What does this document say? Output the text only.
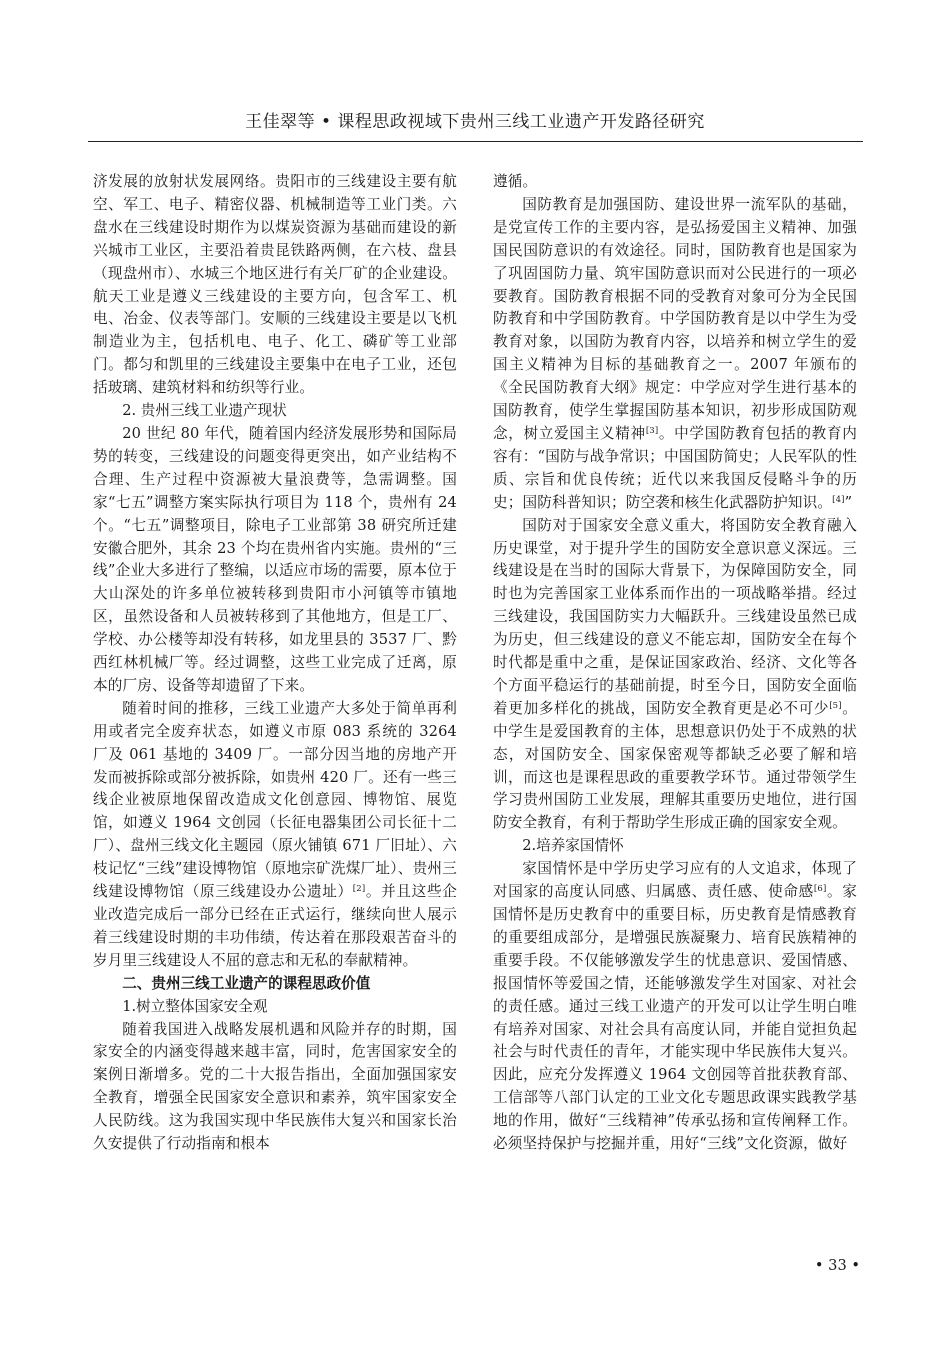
王佳翠等 • 课程思政视域下贵州三线工业遗产开发路径研究

济发展的放射状发展网络。贵阳市的三线建设主要有航空、军工、电子、精密仪器、机械制造等工业门类。六盘水在三线建设时期作为以煤炭资源为基础而建设的新兴城市工业区，主要沿着贵昆铁路两侧，在六枝、盘县（现盘州市）、水城三个地区进行有关厂矿的企业建设。航天工业是遵义三线建设的主要方向，包含军工、机电、冶金、仪表等部门。安顺的三线建设主要是以飞机制造业为主，包括机电、电子、化工、磷矿等工业部门。都匀和凯里的三线建设主要集中在电子工业，还包括玻璃、建筑材料和纺织等行业。

2. 贵州三线工业遗产现状

20 世纪 80 年代，随着国内经济发展形势和国际局势的转变，三线建设的问题变得更突出，如产业结构不合理、生产过程中资源被大量浪费等，急需调整。国家“七五”调整方案实际执行项目为 118 个，贵州有 24 个。“七五”调整项目，除电子工业部第 38 研究所迁建安徽合肥外，其余 23 个均在贵州省内实施。贵州的“三线”企业大多进行了整编，以适应市场的需要，原本位于大山深处的许多单位被转移到贵阳市小河镇等市镇地区，虽然设备和人员被转移到了其他地方，但是工厂、学校、办公楼等却没有转移，如龙里县的 3537 厂、黔西红林机械厂等。经过调整，这些工业完成了迁离，原本的厂房、设备等却遗留了下来。

随着时间的推移，三线工业遗产大多处于简单再利用或者完全废弃状态，如遵义市原 083 系统的 3264 厂及 061 基地的 3409 厂。一部分因当地的房地产开发而被拆除或部分被拆除，如贵州 420 厂。还有一些三线企业被原地保留改造成文化创意园、博物馆、展览馆，如遵义 1964 文创园（长征电器集团公司长征十二厂）、盘州三线文化主题园（原火铺镇 671 厂旧址）、六枝记忆“三线”建设博物馆（原地宗矿洗煤厂址）、贵州三线建设博物馆（原三线建设办公遗址）[2]。并且这些企业改造完成后一部分已经在正式运行，继续向世人展示着三线建设时期的丰功伟绩，传达着在那段艰苦奋斗的岁月里三线建设人不屈的意志和无私的奉献精神。

二、贵州三线工业遗产的课程思政价值
1.树立整体国家安全观

随着我国进入战略发展机遇和风险并存的时期，国家安全的内涵变得越来越丰富，同时，危害国家安全的案例日渐增多。党的二十大报告指出，全面加强国家安全教育，增强全民国家安全意识和素养，筑牢国家安全人民防线。这为我国实现中华民族伟大复兴和国家长治久安提供了行动指南和根本

遵循。

国防教育是加强国防、建设世界一流军队的基础，是党宣传工作的主要内容，是弘扬爱国主义精神、加强国民国防意识的有效途径。同时，国防教育也是国家为了巩固国防力量、筑牢国防意识而对公民进行的一项必要教育。国防教育根据不同的受教育对象可分为全民国防教育和中学国防教育。中学国防教育是以中学生为受教育对象，以国防为教育内容，以培养和树立学生的爱国主义精神为目标的基础教育之一。2007 年颁布的《全民国防教育大纲》规定：中学应对学生进行基本的国防教育，使学生掌握国防基本知识，初步形成国防观念，树立爱国主义精神[3]。中学国防教育包括的教育内容有：“国防与战争常识；中国国防简史；人民军队的性质、宗旨和优良传统；近代以来我国反侵略斗争的历史；国防科普知识；防空袭和核生化武器防护知识。[4]”

国防对于国家安全意义重大，将国防安全教育融入历史课堂，对于提升学生的国防安全意识意义深远。三线建设是在当时的国际大背景下，为保障国防安全，同时也为完善国家工业体系而作出的一项战略举措。经过三线建设，我国国防实力大幅跃升。三线建设虽然已成为历史，但三线建设的意义不能忘却，国防安全在每个时代都是重中之重，是保证国家政治、经济、文化等各个方面平稳运行的基础前提，时至今日，国防安全面临着更加多样化的挑战，国防安全教育更是必不可少[5]。中学生是爱国教育的主体，思想意识仍处于不成熟的状态，对国防安全、国家保密观等都缺乏必要了解和培训，而这也是课程思政的重要教学环节。通过带领学生学习贵州国防工业发展，理解其重要历史地位，进行国防安全教育，有利于帮助学生形成正确的国家安全观。

2.培养家国情怀

家国情怀是中学历史学习应有的人文追求，体现了对国家的高度认同感、归属感、责任感、使命感[6]。家国情怀是历史教育中的重要目标，历史教育是情感教育的重要组成部分，是增强民族凝聚力、培育民族精神的重要手段。不仅能够激发学生的忧患意识、爱国情感、报国情怀等爱国之情，还能够激发学生对国家、对社会的责任感。通过三线工业遗产的开发可以让学生明白唯有培养对国家、对社会具有高度认同，并能自觉担负起社会与时代责任的青年，才能实现中华民族伟大复兴。因此，应充分发挥遵义 1964 文创园等首批获教育部、工信部等八部门认定的工业文化专题思政课实践教学基地的作用，做好“三线精神”传承弘扬和宣传阐释工作。必须坚持保护与挖掘并重，用好“三线”文化资源，做好

• 33 •
